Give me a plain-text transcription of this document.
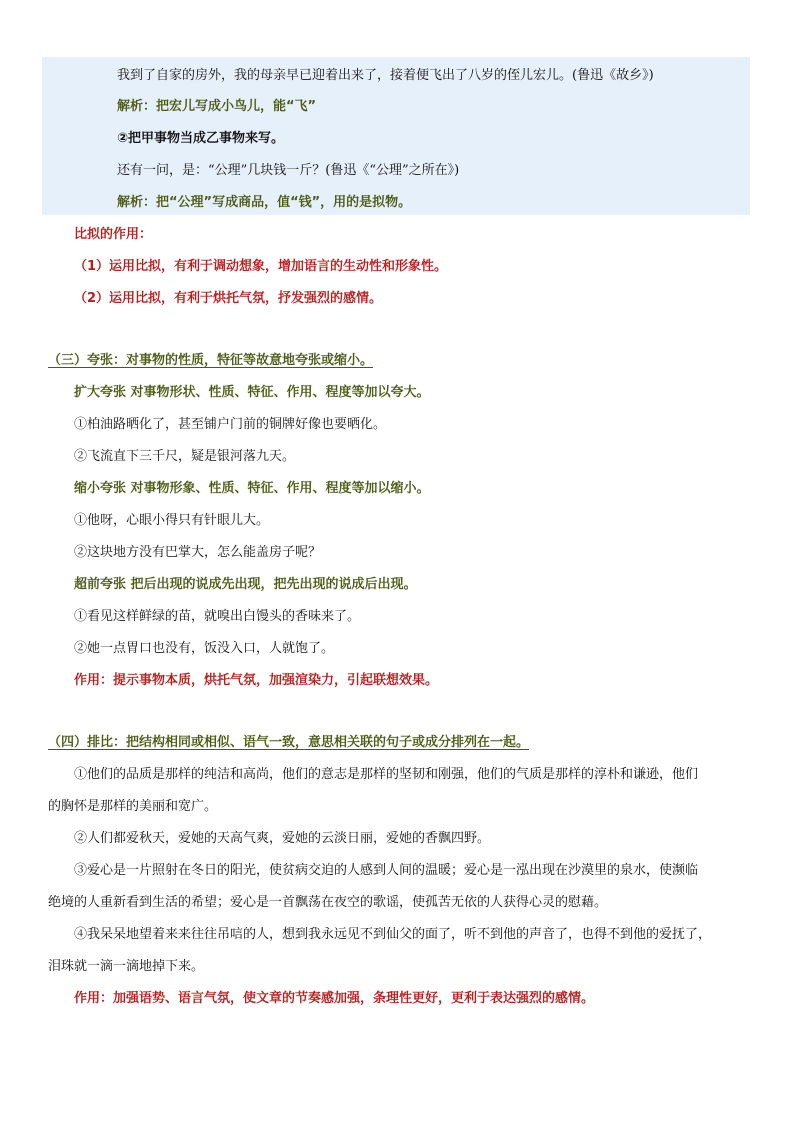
我到了自家的房外，我的母亲早已迎着出来了，接着便飞出了八岁的侄儿宏儿。(鲁迅《故乡》)
解析：把宏儿写成小鸟儿，能“飞”
②把甲事物当成乙事物来写。
还有一问，是：“公理”几块钱一斤？(鲁迅《“公理”之所在》)
解析：把“公理”写成商品，值“钱”，用的是拟物。
比拟的作用：
（1）运用比拟，有利于调动想象，增加语言的生动性和形象性。
（2）运用比拟，有利于烘托气氛，抒发强烈的感情。
（三）夸张：对事物的性质，特征等故意地夸张或缩小。
扩大夸张 对事物形状、性质、特征、作用、程度等加以夸大。
①柏油路晒化了，甚至铺户门前的铜牌好像也要晒化。
②飞流直下三千尺，疑是银河落九天。
缩小夸张 对事物形象、性质、特征、作用、程度等加以缩小。
①他呀，心眼小得只有针眼儿大。
②这块地方没有巴掌大，怎么能盖房子呢？
超前夸张 把后出现的说成先出现，把先出现的说成后出现。
①看见这样鲜绿的苗，就嗅出白馒头的香味来了。
②她一点胃口也没有，饭没入口，人就饱了。
作用：提示事物本质，烘托气氛，加强渲染力，引起联想效果。
（四）排比：把结构相同或相似、语气一致，意思相关联的句子或成分排列在一起。
①他们的品质是那样的纯洁和高尚，他们的意志是那样的坚韧和刚强，他们的气质是那样的淳朴和谦逊，他们
的胸怀是那样的美丽和宽广。
②人们都爱秋天，爱她的天高气爽，爱她的云淡日丽，爱她的香飘四野。
③爱心是一片照射在冬日的阳光，使贫病交迫的人感到人间的温暖；爱心是一泓出现在沙漠里的泉水，使濒临
绝境的人重新看到生活的希望；爱心是一首飘荡在夜空的歌谣，使孤苦无依的人获得心灵的慰藉。
④我呆呆地望着来来往往吊唁的人，想到我永远见不到仙父的面了，听不到他的声音了，也得不到他的爱抚了，
泪珠就一滴一滴地掉下来。
作用：加强语势、语言气氛，使文章的节奏感加强，条理性更好，更利于表达强烈的感情。
